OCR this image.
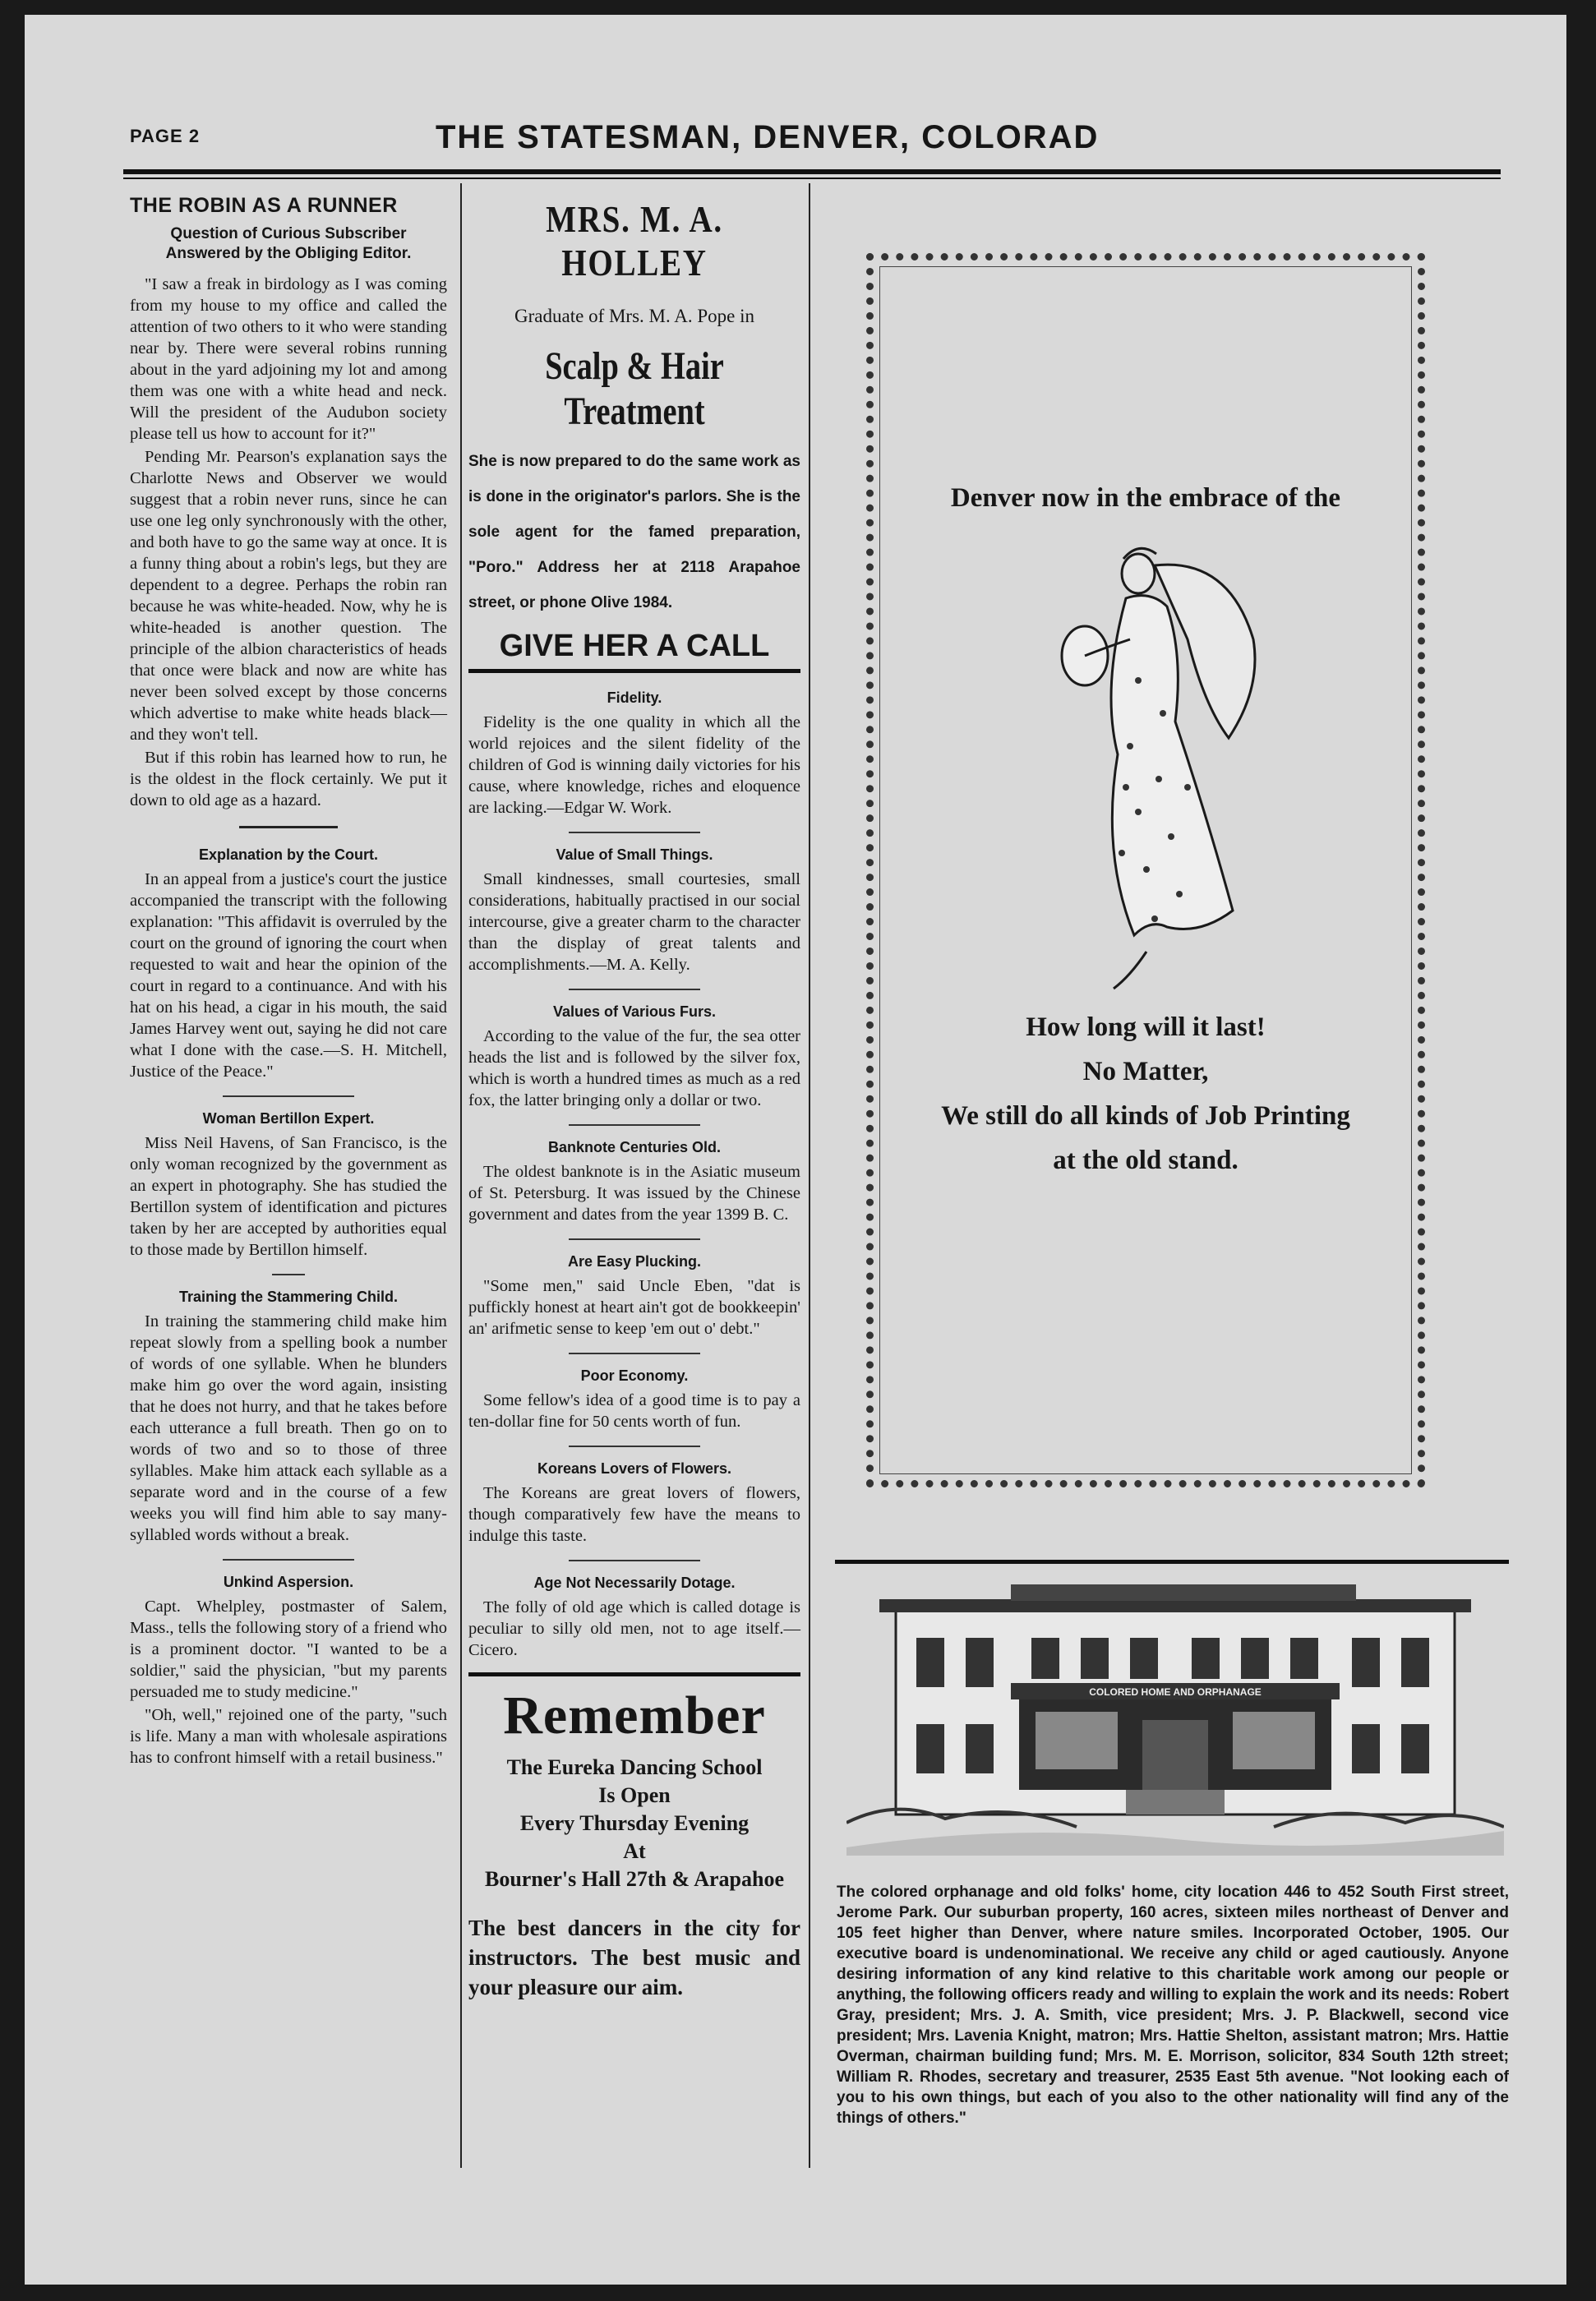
PAGE 2	THE STATESMAN, DENVER, COLORAD
THE ROBIN AS A RUNNER
Question of Curious Subscriber Answered by the Obliging Editor.

"I saw a freak in birdology as I was coming from my house to my office and called the attention of two others to it who were standing near by. There were several robins running about in the yard adjoining my lot and among them was one with a white head and neck. Will the president of the Audubon society please tell us how to account for it?"

Pending Mr. Pearson's explanation says the Charlotte News and Observer we would suggest that a robin never runs, since he can use one leg only synchronously with the other, and both have to go the same way at once. It is a funny thing about a robin's legs, but they are dependent to a degree. Perhaps the robin ran because he was white-headed. Now, why he is white-headed is another question. The principle of the albion characteristics of heads that once were black and now are white has never been solved except by those concerns which advertise to make white heads black—and they won't tell.

But if this robin has learned how to run, he is the oldest in the flock certainly. We put it down to old age as a hazard.

Explanation by the Court.

In an appeal from a justice's court the justice accompanied the transcript with the following explanation: "This affidavit is overruled by the court on the ground of ignoring the court when requested to wait and hear the opinion of the court in regard to a continuance. And with his hat on his head, a cigar in his mouth, the said James Harvey went out, saying he did not care what I done with the case.—S. H. Mitchell, Justice of the Peace."

Woman Bertillon Expert.

Miss Neil Havens, of San Francisco, is the only woman recognized by the government as an expert in photography. She has studied the Bertillon system of identification and pictures taken by her are accepted by authorities equal to those made by Bertillon himself.

Training the Stammering Child.

In training the stammering child make him repeat slowly from a spelling book a number of words of one syllable. When he blunders make him go over the word again, insisting that he does not hurry, and that he takes before each utterance a full breath. Then go on to words of two and so to those of three syllables. Make him attack each syllable as a separate word and in the course of a few weeks you will find him able to say many-syllabled words without a break.

Unkind Aspersion.

Capt. Whelpley, postmaster of Salem, Mass., tells the following story of a friend who is a prominent doctor. "I wanted to be a soldier," said the physician, "but my parents persuaded me to study medicine."

"Oh, well," rejoined one of the party, "such is life. Many a man with wholesale aspirations has to confront himself with a retail business."

MRS. M. A. HOLLEY
Graduate of Mrs. M. A. Pope in
Scalp & Hair Treatment
She is now prepared to do the same work as is done in the originator's parlors. She is the sole agent for the famed preparation, "Poro." Address her at 2118 Arapahoe street, or phone Olive 1984.
GIVE HER A CALL
Fidelity.

Fidelity is the one quality in which all the world rejoices and the silent fidelity of the children of God is winning daily victories for his cause, where knowledge, riches and eloquence are lacking.—Edgar W. Work.

Value of Small Things.

Small kindnesses, small courtesies, small considerations, habitually practised in our social intercourse, give a greater charm to the character than the display of great talents and accomplishments.—M. A. Kelly.

Values of Various Furs.

According to the value of the fur, the sea otter heads the list and is followed by the silver fox, which is worth a hundred times as much as a red fox, the latter bringing only a dollar or two.

Banknote Centuries Old.

The oldest banknote is in the Asiatic museum of St. Petersburg. It was issued by the Chinese government and dates from the year 1399 B. C.

Are Easy Plucking.

"Some men," said Uncle Eben, "dat is puffickly honest at heart ain't got de bookkeepin' an' arifmetic sense to keep 'em out o' debt."

Poor Economy.

Some fellow's idea of a good time is to pay a ten-dollar fine for 50 cents worth of fun.

Koreans Lovers of Flowers.

The Koreans are great lovers of flowers, though comparatively few have the means to indulge this taste.

Age Not Necessarily Dotage.

The folly of old age which is called dotage is peculiar to silly old men, not to age itself.—Cicero.

Remember
The Eureka Dancing School
Is Open
Every Thursday Evening
At
Bourner's Hall 27th & Arapahoe
The best dancers in the city for instructors. The best music and your pleasure our aim.
Denver now in the embrace of the
How long will it last!
No Matter,
We still do all kinds of Job Printing
at the old stand.
COLORED HOME AND ORPHANAGE
The colored orphanage and old folks' home, city location 446 to 452 South First street, Jerome Park. Our suburban property, 160 acres, sixteen miles northeast of Denver and 105 feet higher than Denver, where nature smiles. Incorporated October, 1905. Our executive board is undenominational. We receive any child or aged cautiously. Anyone desiring information of any kind relative to this charitable work among our people or anything, the following officers ready and willing to explain the work and its needs: Robert Gray, president; Mrs. J. A. Smith, vice president; Mrs. J. P. Blackwell, second vice president; Mrs. Lavenia Knight, matron; Mrs. Hattie Shelton, assistant matron; Mrs. Hattie Overman, chairman building fund; Mrs. M. E. Morrison, solicitor, 834 South 12th street; William R. Rhodes, secretary and treasurer, 2535 East 5th avenue. "Not looking each of you to his own things, but each of you also to the other nationality will find any of the things of others."
